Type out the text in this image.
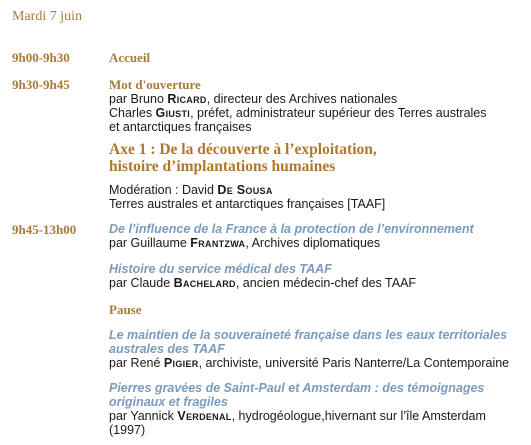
Mardi 7 juin
9h00-9h30	Accueil
9h30-9h45	Mot d'ouverture
par Bruno Ricard, directeur des Archives nationales
Charles Giusti, préfet, administrateur supérieur des Terres australes
et antarctiques françaises
Axe 1 : De la découverte à l’exploitation,
histoire d’implantations humaines
Modération : David De Sousa
Terres australes et antarctiques françaises [TAAF]
9h45-13h00	De l’influence de la France à la protection de l’environnement
par Guillaume Frantzwa, Archives diplomatiques
Histoire du service médical des TAAF
par Claude Bachelard, ancien médecin-chef des TAAF
Pause
Le maintien de la souveraineté française dans les eaux territoriales
australes des TAAF
par René Pigier, archiviste, université Paris Nanterre/La Contemporaine
Pierres gravées de Saint-Paul et Amsterdam : des témoignages
originaux et fragiles
par Yannick Verdenal, hydrogéologue,hivernant sur l’île Amsterdam
(1997)
